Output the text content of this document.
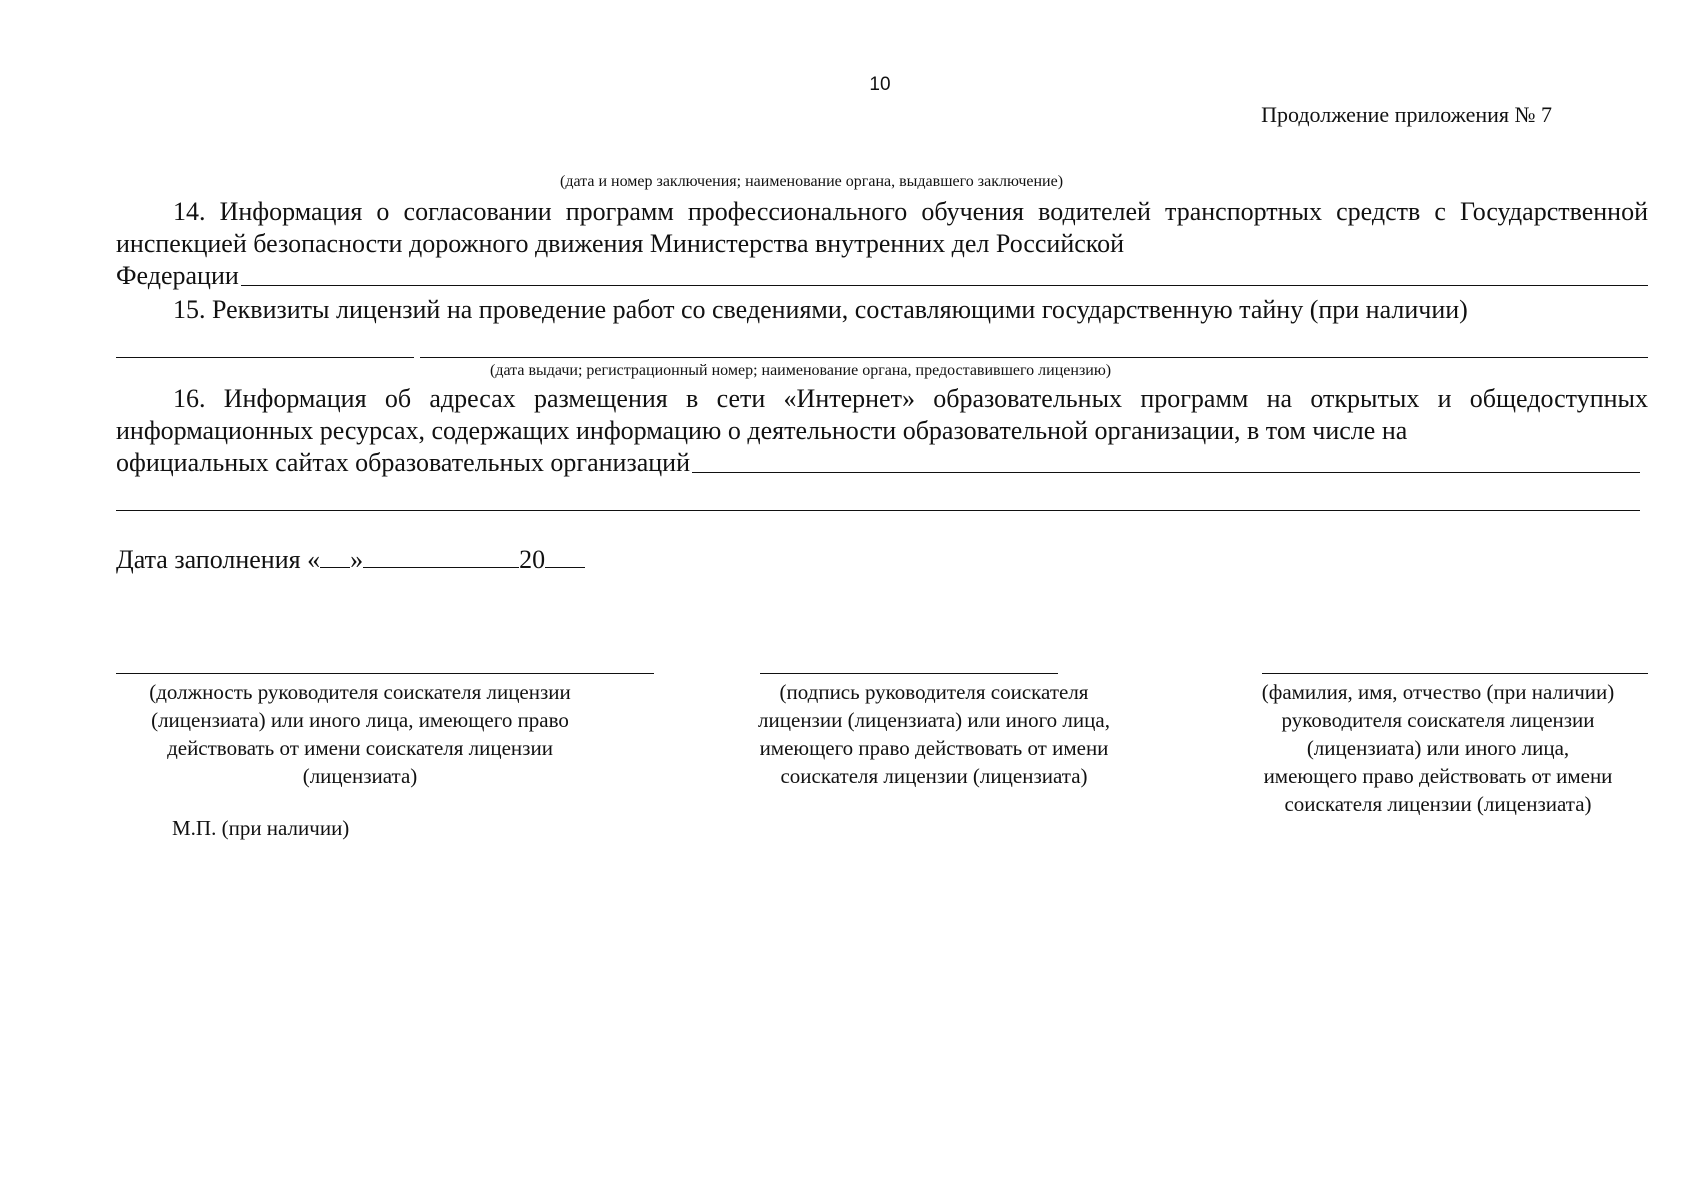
10
Продолжение приложения № 7
(дата и номер заключения; наименование органа, выдавшего заключение)

14. Информация о согласовании программ профессионального обучения водителей транспортных средств с Государственной инспекцией безопасности дорожного движения Министерства внутренних дел Российской

Федерации

15. Реквизиты лицензий на проведение работ со сведениями, составляющими государственную тайну (при наличии)

(дата выдачи; регистрационный номер; наименование органа, предоставившего лицензию)

16. Информация об адресах размещения в сети «Интернет» образовательных программ на открытых и общедоступных информационных ресурсах, содержащих информацию о деятельности образовательной организации, в том числе на

официальных сайтах образовательных организаций
Дата заполнения « »	20
(должность руководителя соискателя лицензии (лицензиата) или иного лица, имеющего право действовать от имени соискателя лицензии (лицензиата)
(подпись руководителя соискателя лицензии (лицензиата) или иного лица, имеющего право действовать от имени соискателя лицензии (лицензиата)
(фамилия, имя, отчество (при наличии) руководителя соискателя лицензии (лицензиата) или иного лица, имеющего право действовать от имени соискателя лицензии (лицензиата)
М.П. (при наличии)
